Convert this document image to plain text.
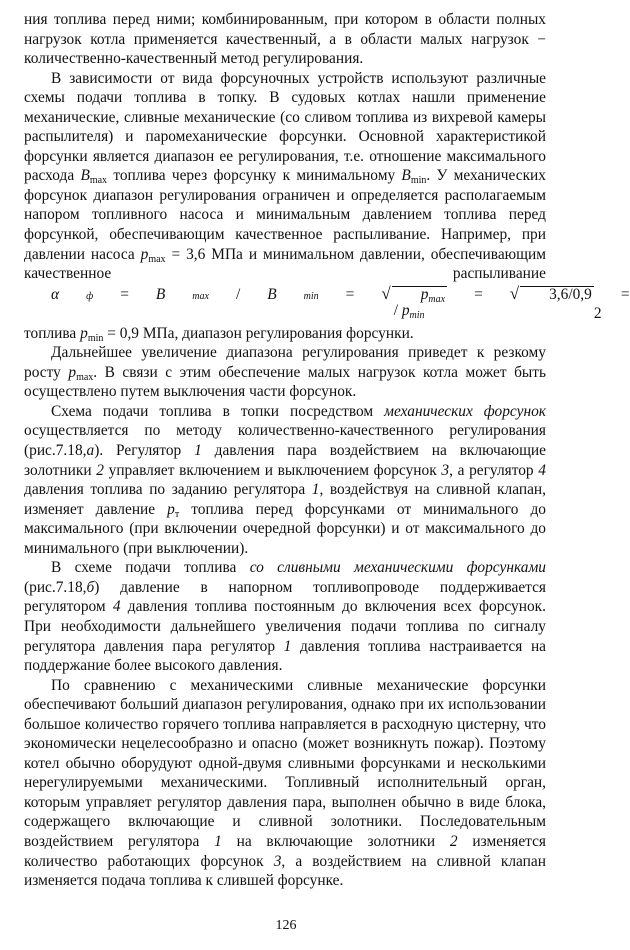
ния топлива перед ними; комбинированным, при котором в области полных нагрузок котла применяется качественный, а в области малых нагрузок − количественно-качественный метод регулирования.

В зависимости от вида форсуночных устройств используют различные схемы подачи топлива в топку. В судовых котлах нашли применение механические, сливные механические (со сливом топлива из вихревой камеры распылителя) и паромеханические форсунки. Основной характеристикой форсунки является диапазон ее регулирования, т.е. отношение максимального расхода $B_{max}$ топлива через форсунку к минимальному $B_{min}$. У механических форсунок диапазон регулирования ограничен и определяется располагаемым напором топливного насоса и минимальным давлением топлива перед форсункой, обеспечивающим качественное распыливание. Например, при давлении насоса $p_{max} = 3,6$ МПа и минимальном давлении, обеспечивающим качественное распыливание
α	ф	=	B	max	/	B	min	=	√	$p_{max} / p_{min}$
=	√	3,6/0,9	= 2
топлива $p_{min} = 0,9$ МПа, диапазон регулирования форсунки.

Дальнейшее увеличение диапазона регулирования приведет к резкому росту $p_{max}$. В связи с этим обеспечение малых нагрузок котла может быть осуществлено путем выключения части форсунок.

Схема подачи топлива в топки посредством механических форсунок осуществляется по методу количественно-качественного регулирования (рис.7.18,а). Регулятор 1 давления пара воздействием на включающие золотники 2 управляет включением и выключением форсунок 3, а регулятор 4 давления топлива по заданию регулятора 1, воздействуя на сливной клапан, изменяет давление $p_т$ топлива перед форсунками от минимального до максимального (при включении очередной форсунки) и от максимального до минимального (при выключении).

В схеме подачи топлива со сливными механическими форсунками (рис.7.18,б) давление в напорном топливопроводе поддерживается регулятором 4 давления топлива постоянным до включения всех форсунок. При необходимости дальнейшего увеличения подачи топлива по сигналу регулятора давления пара регулятор 1 давления топлива настраивается на поддержание более высокого давления.

По сравнению с механическими сливные механические форсунки обеспечивают больший диапазон регулирования, однако при их использовании большое количество горячего топлива направляется в расходную цистерну, что экономически нецелесообразно и опасно (может возникнуть пожар). Поэтому котел обычно оборудуют одной-двумя сливными форсунками и несколькими нерегулируемыми механическими. Топливный исполнительный орган, которым управляет регулятор давления пара, выполнен обычно в виде блока, содержащего включающие и сливной золотники. Последовательным воздействием регулятора 1 на включающие золотники 2 изменяется количество работающих форсунок 3, а воздействием на сливной клапан изменяется подача топлива к слившей форсунке.

126
